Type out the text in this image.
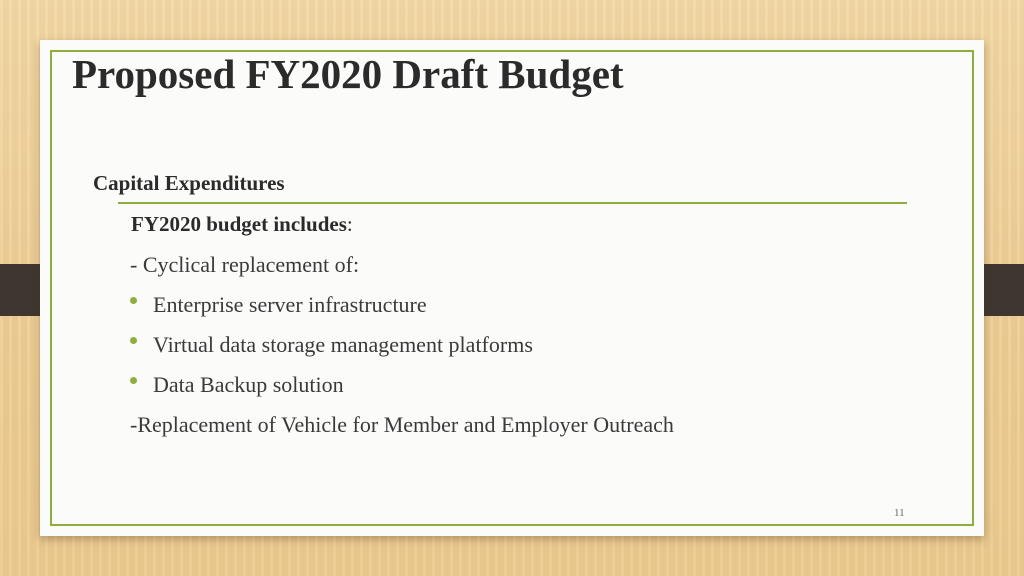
Proposed FY2020 Draft Budget
Capital Expenditures
FY2020 budget includes:
- Cyclical replacement of:
Enterprise server infrastructure
Virtual data storage management platforms
Data Backup solution
-Replacement of Vehicle for Member and Employer Outreach
11
